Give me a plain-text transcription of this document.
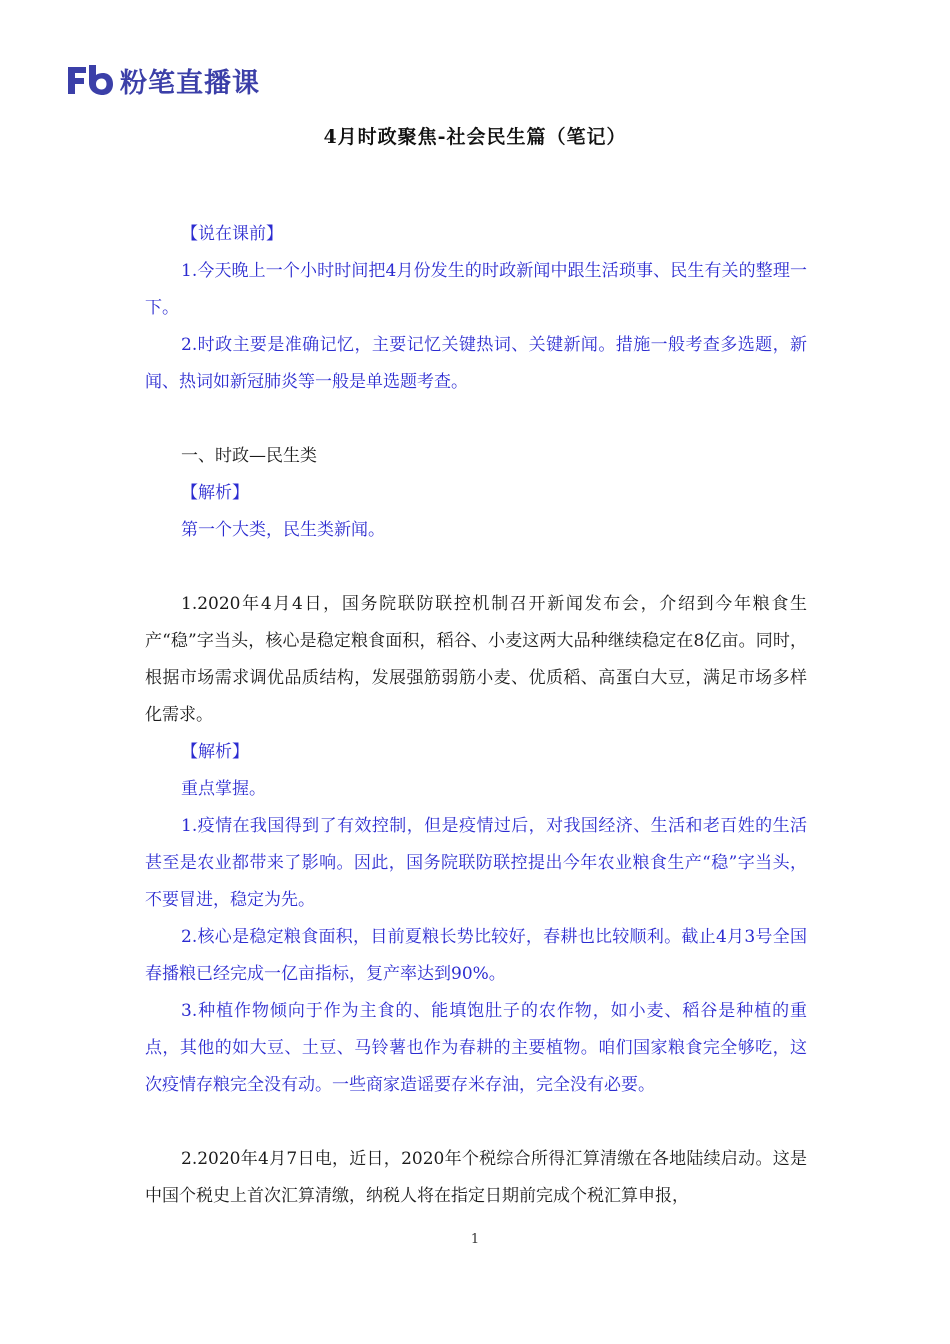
粉笔直播课
4月时政聚焦-社会民生篇（笔记）

【说在课前】

1.今天晚上一个小时时间把4月份发生的时政新闻中跟生活琐事、民生有关的整理一下。

2.时政主要是准确记忆，主要记忆关键热词、关键新闻。措施一般考查多选题，新闻、热词如新冠肺炎等一般是单选题考查。

一、时政—民生类

【解析】

第一个大类，民生类新闻。

1.2020年4月4日，国务院联防联控机制召开新闻发布会，介绍到今年粮食生产“稳”字当头，核心是稳定粮食面积，稻谷、小麦这两大品种继续稳定在8亿亩。同时，根据市场需求调优品质结构，发展强筋弱筋小麦、优质稻、高蛋白大豆，满足市场多样化需求。

【解析】

重点掌握。

1.疫情在我国得到了有效控制，但是疫情过后，对我国经济、生活和老百姓的生活甚至是农业都带来了影响。因此，国务院联防联控提出今年农业粮食生产“稳”字当头，不要冒进，稳定为先。

2.核心是稳定粮食面积，目前夏粮长势比较好，春耕也比较顺利。截止4月3号全国春播粮已经完成一亿亩指标，复产率达到90%。

3.种植作物倾向于作为主食的、能填饱肚子的农作物，如小麦、稻谷是种植的重点，其他的如大豆、土豆、马铃薯也作为春耕的主要植物。咱们国家粮食完全够吃，这次疫情存粮完全没有动。一些商家造谣要存米存油，完全没有必要。

2.2020年4月7日电，近日，2020年个税综合所得汇算清缴在各地陆续启动。这是中国个税史上首次汇算清缴，纳税人将在指定日期前完成个税汇算申报，

1
